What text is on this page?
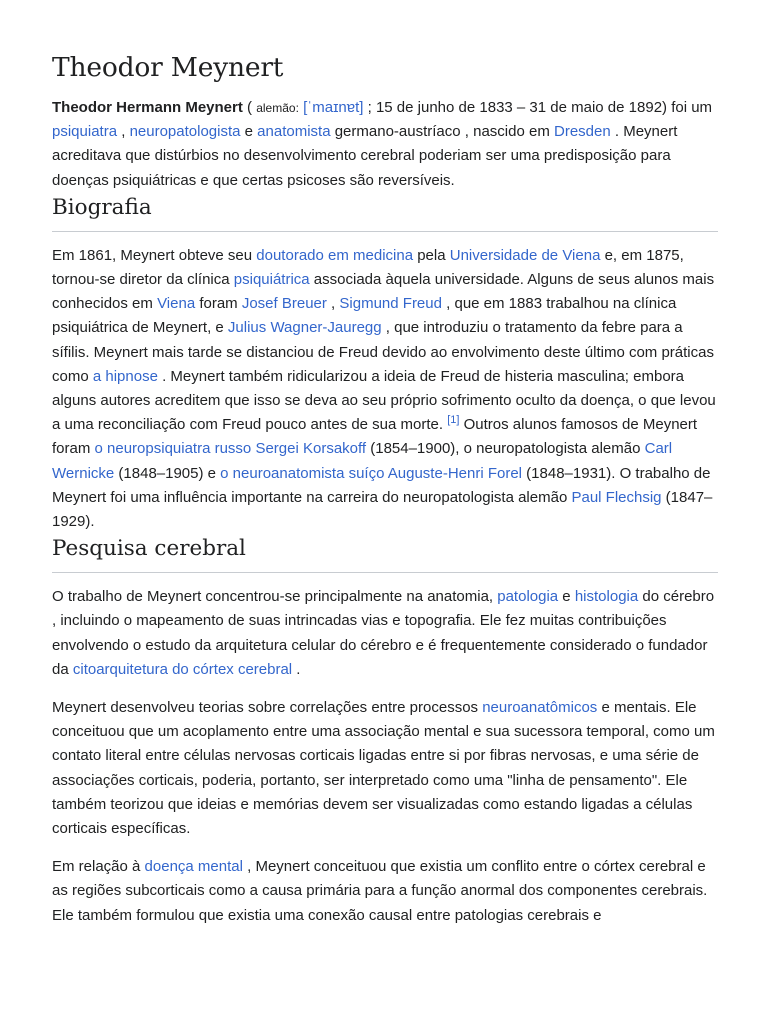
Theodor Meynert

Theodor Hermann Meynert ( alemão: [ˈmaɪnɐt] ; 15 de junho de 1833 – 31 de maio de 1892) foi um psiquiatra , neuropatologista e anatomista germano-austríaco , nascido em Dresden . Meynert acreditava que distúrbios no desenvolvimento cerebral poderiam ser uma predisposição para doenças psiquiátricas e que certas psicoses são reversíveis.

Biografia

Em 1861, Meynert obteve seu doutorado em medicina pela Universidade de Viena e, em 1875, tornou-se diretor da clínica psiquiátrica associada àquela universidade. Alguns de seus alunos mais conhecidos em Viena foram Josef Breuer , Sigmund Freud , que em 1883 trabalhou na clínica psiquiátrica de Meynert, e Julius Wagner-Jauregg , que introduziu o tratamento da febre para a sífilis. Meynert mais tarde se distanciou de Freud devido ao envolvimento deste último com práticas como a hipnose . Meynert também ridicularizou a ideia de Freud de histeria masculina; embora alguns autores acreditem que isso se deva ao seu próprio sofrimento oculto da doença, o que levou a uma reconciliação com Freud pouco antes de sua morte. [1] Outros alunos famosos de Meynert foram o neuropsiquiatra russo Sergei Korsakoff (1854–1900), o neuropatologista alemão Carl Wernicke (1848–1905) e o neuroanatomista suíço Auguste-Henri Forel (1848–1931). O trabalho de Meynert foi uma influência importante na carreira do neuropatologista alemão Paul Flechsig (1847–1929).

Pesquisa cerebral

O trabalho de Meynert concentrou-se principalmente na anatomia, patologia e histologia do cérebro , incluindo o mapeamento de suas intrincadas vias e topografia. Ele fez muitas contribuições envolvendo o estudo da arquitetura celular do cérebro e é frequentemente considerado o fundador da citoarquitetura do córtex cerebral .

Meynert desenvolveu teorias sobre correlações entre processos neuroanatômicos e mentais. Ele conceituou que um acoplamento entre uma associação mental e sua sucessora temporal, como um contato literal entre células nervosas corticais ligadas entre si por fibras nervosas, e uma série de associações corticais, poderia, portanto, ser interpretado como uma "linha de pensamento". Ele também teorizou que ideias e memórias devem ser visualizadas como estando ligadas a células corticais específicas.

Em relação à doença mental , Meynert conceituou que existia um conflito entre o córtex cerebral e as regiões subcorticais como a causa primária para a função anormal dos componentes cerebrais. Ele também formulou que existia uma conexão causal entre patologias cerebrais e
